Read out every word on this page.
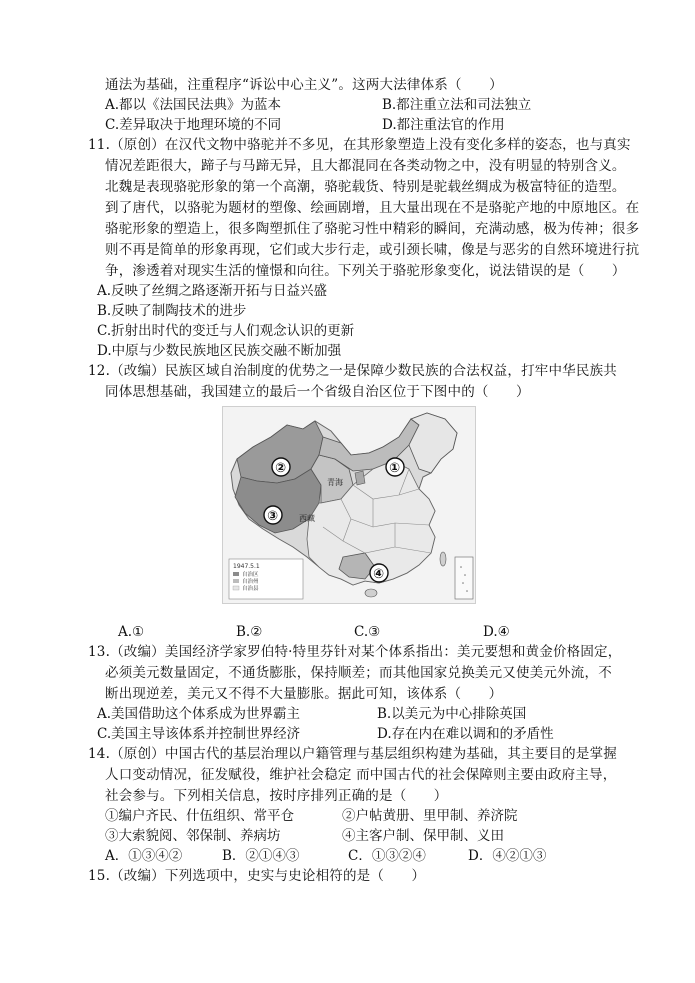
通法为基础，注重程序“诉讼中心主义”。这两大法律体系（　　）
A.都以《法国民法典》为蓝本	B.都注重立法和司法独立
C.差异取决于地理环境的不同	D.都注重法官的作用
11.（原创）在汉代文物中骆驼并不多见，在其形象塑造上没有变化多样的姿态，也与真实
情况差距很大，蹄子与马蹄无异，且大都混同在各类动物之中，没有明显的特别含义。
北魏是表现骆驼形象的第一个高潮，骆驼载货、特别是驼载丝绸成为极富特征的造型。
到了唐代，以骆驼为题材的塑像、绘画剧增，且大量出现在不是骆驼产地的中原地区。在
骆驼形象的塑造上，很多陶塑抓住了骆驼习性中精彩的瞬间，充满动感，极为传神；很多
则不再是简单的形象再现，它们或大步行走，或引颈长啸，像是与恶劣的自然环境进行抗
争，渗透着对现实生活的憧憬和向往。下列关于骆驼形象变化，说法错误的是（　　）
A.反映了丝绸之路逐渐开拓与日益兴盛
B.反映了制陶技术的进步
C.折射出时代的变迁与人们观念认识的更新
D.中原与少数民族地区民族交融不断加强
12.（改编）民族区域自治制度的优势之一是保障少数民族的合法权益，打牢中华民族共
同体思想基础，我国建立的最后一个省级自治区位于下图中的（　　）
1947.5.1
自治区
自治州
自治县
青海
西藏
①
②
③
④
A.①	B.②	C.③	D.④
13.（改编）美国经济学家罗伯特·特里芬针对某个体系指出：美元要想和黄金价格固定，
必须美元数量固定，不通货膨胀，保持顺差；而其他国家兑换美元又使美元外流，不
断出现逆差，美元又不得不大量膨胀。据此可知，该体系（　　）
A.美国借助这个体系成为世界霸主	B.以美元为中心排除英国
C.美国主导该体系并控制世界经济	D.存在内在难以调和的矛盾性
14.（原创）中国古代的基层治理以户籍管理与基层组织构建为基础，其主要目的是掌握
人口变动情况，征发赋役，维护社会稳定 而中国古代的社会保障则主要由政府主导，
社会参与。下列相关信息，按时序排列正确的是（　　）
①编户齐民、什伍组织、常平仓	②户帖黄册、里甲制、养济院
③大索貌阅、邻保制、养病坊	④主客户制、保甲制、义田
A．①③④②	B．②①④③	C．①③②④	D．④②①③
15.（改编）下列选项中，史实与史论相符的是（　　）
